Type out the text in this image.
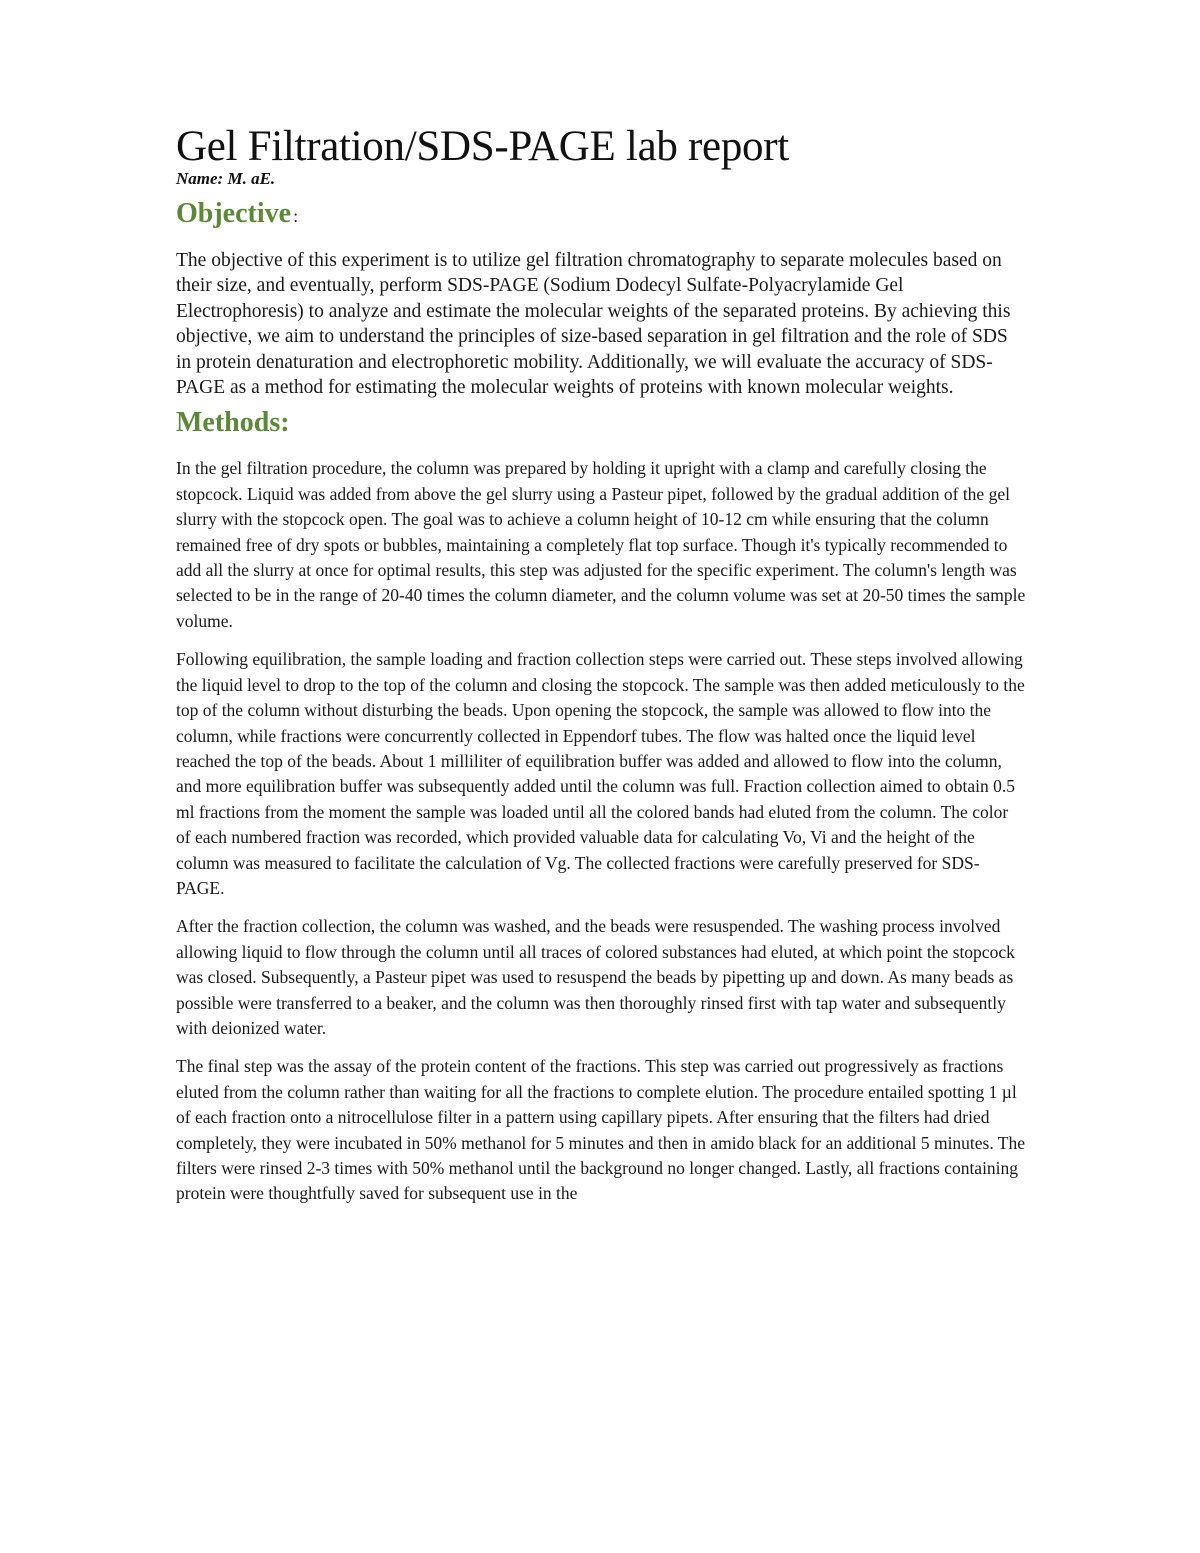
Gel Filtration/SDS-PAGE lab report

Name: M. aE.

Objective :

The objective of this experiment is to utilize gel filtration chromatography to separate molecules based on their size, and eventually, perform SDS-PAGE (Sodium Dodecyl Sulfate-Polyacrylamide Gel Electrophoresis) to analyze and estimate the molecular weights of the separated proteins. By achieving this objective, we aim to understand the principles of size-based separation in gel filtration and the role of SDS in protein denaturation and electrophoretic mobility. Additionally, we will evaluate the accuracy of SDS-PAGE as a method for estimating the molecular weights of proteins with known molecular weights.

Methods:

In the gel filtration procedure, the column was prepared by holding it upright with a clamp and carefully closing the stopcock. Liquid was added from above the gel slurry using a Pasteur pipet, followed by the gradual addition of the gel slurry with the stopcock open. The goal was to achieve a column height of 10-12 cm while ensuring that the column remained free of dry spots or bubbles, maintaining a completely flat top surface. Though it's typically recommended to add all the slurry at once for optimal results, this step was adjusted for the specific experiment. The column's length was selected to be in the range of 20-40 times the column diameter, and the column volume was set at 20-50 times the sample volume.

Following equilibration, the sample loading and fraction collection steps were carried out. These steps involved allowing the liquid level to drop to the top of the column and closing the stopcock. The sample was then added meticulously to the top of the column without disturbing the beads. Upon opening the stopcock, the sample was allowed to flow into the column, while fractions were concurrently collected in Eppendorf tubes. The flow was halted once the liquid level reached the top of the beads. About 1 milliliter of equilibration buffer was added and allowed to flow into the column, and more equilibration buffer was subsequently added until the column was full. Fraction collection aimed to obtain 0.5 ml fractions from the moment the sample was loaded until all the colored bands had eluted from the column. The color of each numbered fraction was recorded, which provided valuable data for calculating Vo, Vi and the height of the column was measured to facilitate the calculation of Vg. The collected fractions were carefully preserved for SDS-PAGE.

After the fraction collection, the column was washed, and the beads were resuspended. The washing process involved allowing liquid to flow through the column until all traces of colored substances had eluted, at which point the stopcock was closed. Subsequently, a Pasteur pipet was used to resuspend the beads by pipetting up and down. As many beads as possible were transferred to a beaker, and the column was then thoroughly rinsed first with tap water and subsequently with deionized water.

The final step was the assay of the protein content of the fractions. This step was carried out progressively as fractions eluted from the column rather than waiting for all the fractions to complete elution. The procedure entailed spotting 1 µl of each fraction onto a nitrocellulose filter in a pattern using capillary pipets. After ensuring that the filters had dried completely, they were incubated in 50% methanol for 5 minutes and then in amido black for an additional 5 minutes. The filters were rinsed 2-3 times with 50% methanol until the background no longer changed. Lastly, all fractions containing protein were thoughtfully saved for subsequent use in the
